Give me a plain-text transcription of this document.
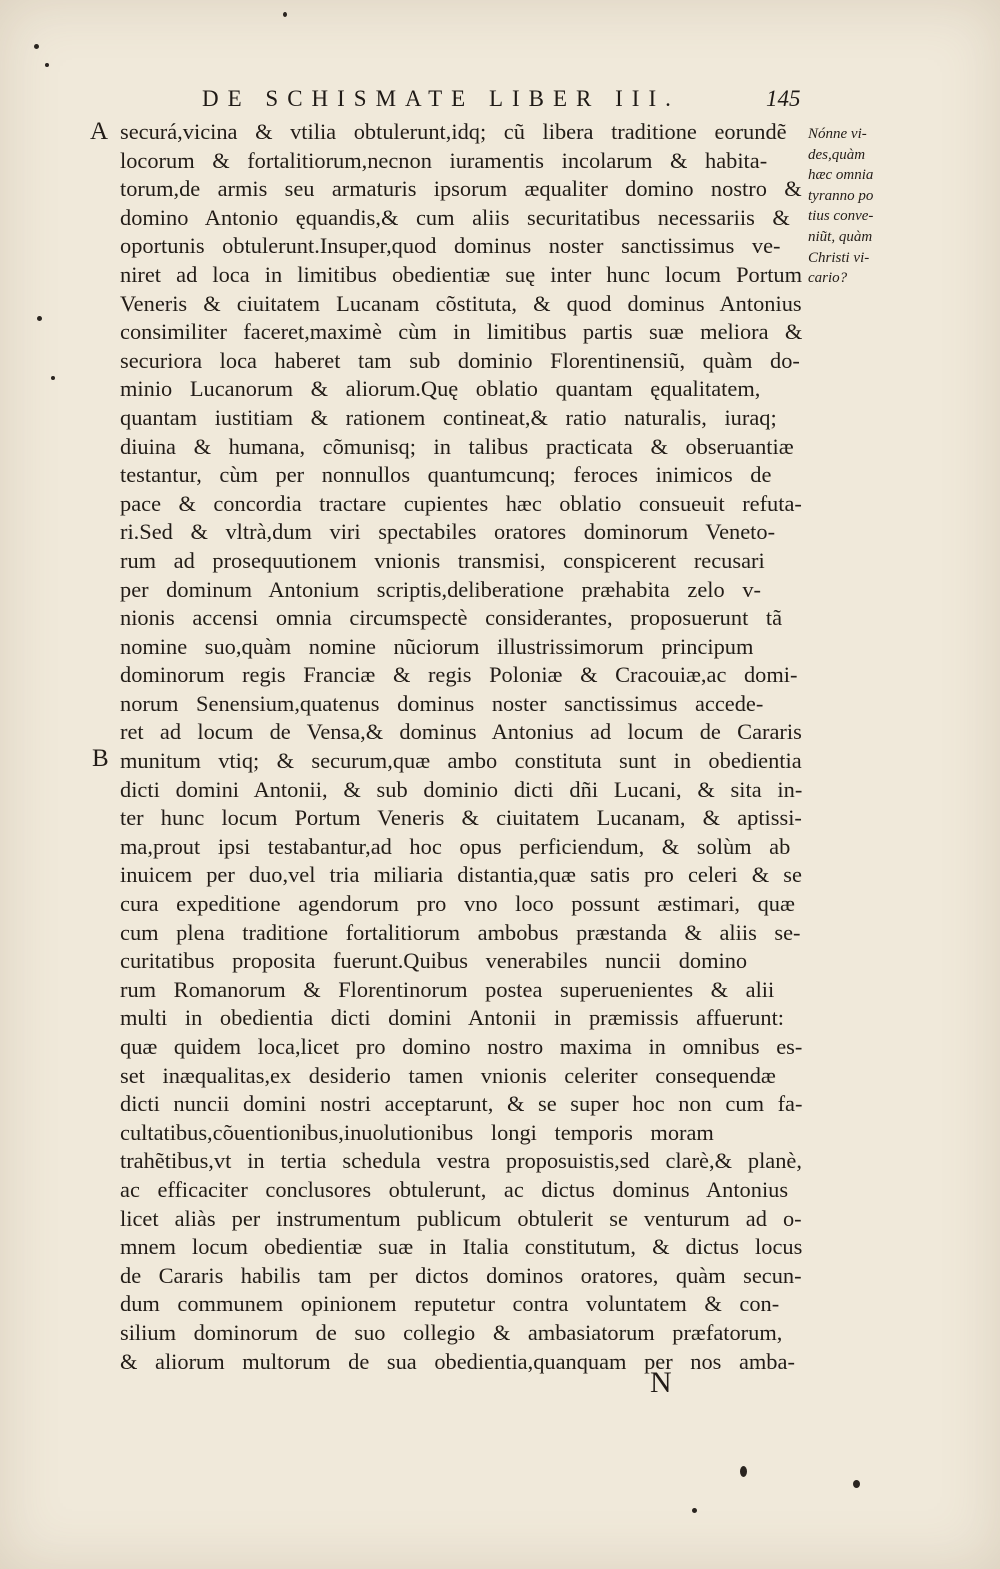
DE SCHISMATE LIBER III.	145
A
B
securá,vicina & vtilia obtulerunt,idq; cũ libera traditione eorundẽ
locorum & fortalitiorum,necnon iuramentis incolarum & habita-
torum,de armis seu armaturis ipsorum æqualiter domino nostro &
domino Antonio ęquandis,& cum aliis securitatibus necessariis &
oportunis obtulerunt.Insuper,quod dominus noster sanctissimus ve-
niret ad loca in limitibus obedientiæ suę inter hunc locum Portum
Veneris & ciuitatem Lucanam cõstituta, & quod dominus Antonius
consimiliter faceret,maximè cùm in limitibus partis suæ meliora &
securiora loca haberet tam sub dominio Florentinensiũ, quàm do-
minio Lucanorum & aliorum.Quę oblatio quantam ęqualitatem,
quantam iustitiam & rationem contineat,& ratio naturalis, iuraq;
diuina & humana, cõmunisq; in talibus practicata & obseruantiæ
testantur, cùm per nonnullos quantumcunq; feroces inimicos de
pace & concordia tractare cupientes hæc oblatio consueuit refuta-
ri.Sed & vltrà,dum viri spectabiles oratores dominorum Veneto-
rum ad prosequutionem vnionis transmisi, conspicerent recusari
per dominum Antonium scriptis,deliberatione præhabita zelo v-
nionis accensi omnia circumspectè considerantes, proposuerunt tã
nomine suo,quàm nomine nũciorum illustrissimorum principum
dominorum regis Franciæ & regis Poloniæ & Cracouiæ,ac domi-
norum Senensium,quatenus dominus noster sanctissimus accede-
ret ad locum de Vensa,& dominus Antonius ad locum de Cararis
munitum vtiq; & securum,quæ ambo constituta sunt in obedientia
dicti domini Antonii, & sub dominio dicti dñi Lucani, & sita in-
ter hunc locum Portum Veneris & ciuitatem Lucanam, & aptissi-
ma,prout ipsi testabantur,ad hoc opus perficiendum, & solùm ab
inuicem per duo,vel tria miliaria distantia,quæ satis pro celeri & se
cura expeditione agendorum pro vno loco possunt æstimari, quæ
cum plena traditione fortalitiorum ambobus præstanda & aliis se-
curitatibus proposita fuerunt.Quibus venerabiles nuncii domino
rum Romanorum & Florentinorum postea superuenientes & alii
multi in obedientia dicti domini Antonii in præmissis affuerunt:
quæ quidem loca,licet pro domino nostro maxima in omnibus es-
set inæqualitas,ex desiderio tamen vnionis celeriter consequendæ
dicti nuncii domini nostri acceptarunt, & se super hoc non cum fa-
cultatibus,cõuentionibus,inuolutionibus longi temporis moram
trahẽtibus,vt in tertia schedula vestra proposuistis,sed clarè,& planè,
ac efficaciter conclusores obtulerunt, ac dictus dominus Antonius
licet aliàs per instrumentum publicum obtulerit se venturum ad o-
mnem locum obedientiæ suæ in Italia constitutum, & dictus locus
de Cararis habilis tam per dictos dominos oratores, quàm secun-
dum communem opinionem reputetur contra voluntatem & con-
silium dominorum de suo collegio & ambasiatorum præfatorum,
& aliorum multorum de sua obedientia,quanquam per nos amba-
Nónne vi-
des,quàm
hæc omnia
tyranno po
tius conve-
niũt, quàm
Christi vi-
cario?
N
